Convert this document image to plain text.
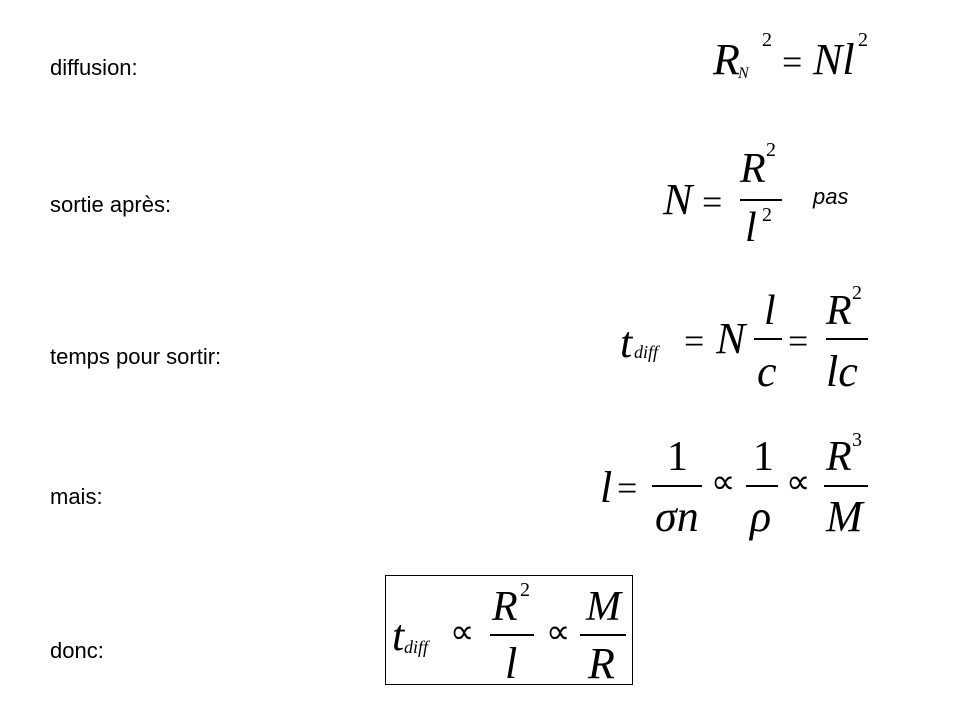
diffusion:
sortie après:
temps pour sortir:
mais:
donc:
R
N
2
= Nl 2
N =
R 2
l 2
pas
t diff = N
l
c
=
R 2
lc
l =
1
σn
∝
1
ρ
∝
R 3
M
t diff ∝
R 2
l
∝
M
R
